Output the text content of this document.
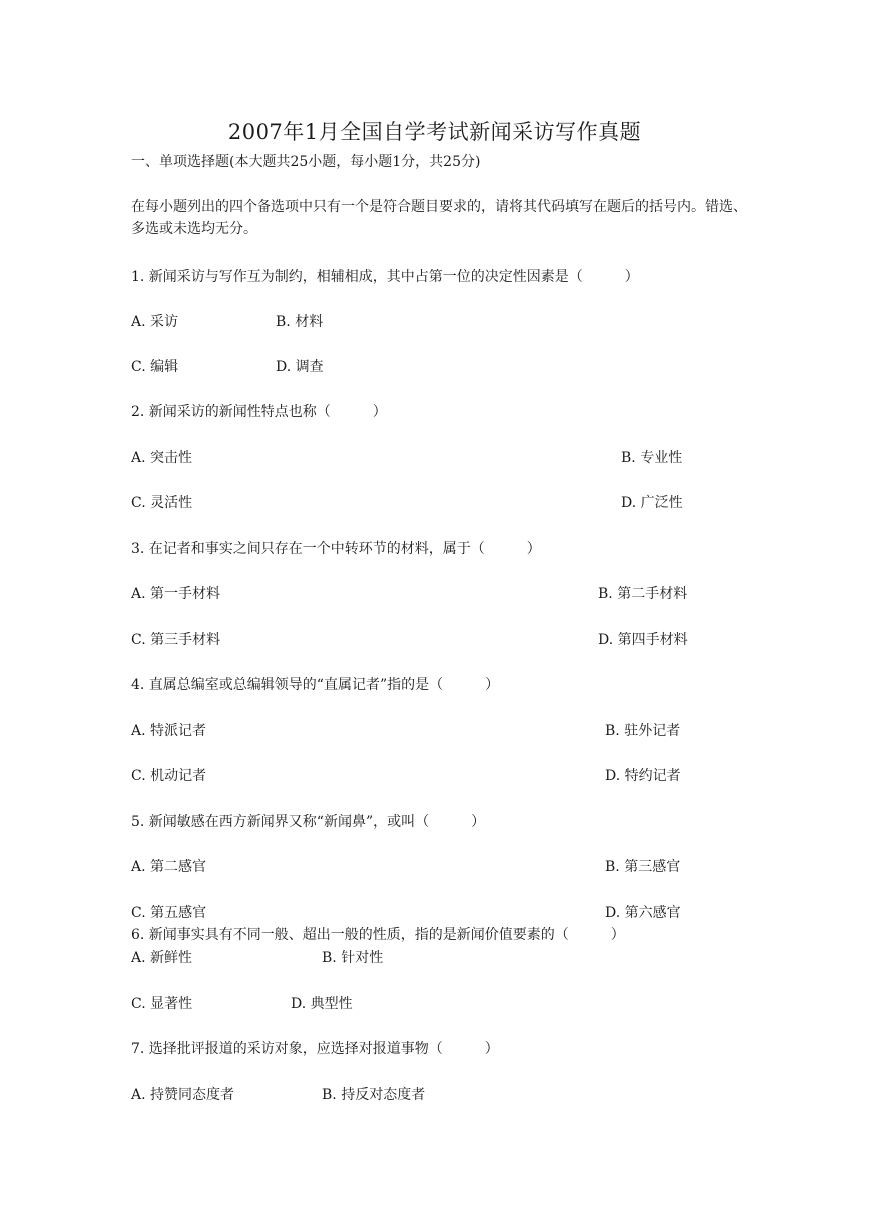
2007年1月全国自学考试新闻采访写作真题
一、单项选择题(本大题共25小题，每小题1分，共25分)
在每小题列出的四个备选项中只有一个是符合题目要求的，请将其代码填写在题后的括号内。错选、多选或未选均无分。
1. 新闻采访与写作互为制约，相辅相成，其中占第一位的决定性因素是（　　　）
A. 采访	B. 材料
C. 编辑	D. 调查
2. 新闻采访的新闻性特点也称（　　　）
A. 突击性	B. 专业性
C. 灵活性	D. 广泛性
3. 在记者和事实之间只存在一个中转环节的材料，属于（　　　）
A. 第一手材料	B. 第二手材料
C. 第三手材料	D. 第四手材料
4. 直属总编室或总编辑领导的“直属记者”指的是（　　　）
A. 特派记者	B. 驻外记者
C. 机动记者	D. 特约记者
5. 新闻敏感在西方新闻界又称“新闻鼻”，或叫（　　　）
A. 第二感官	B. 第三感官
C. 第五感官	D. 第六感官
6. 新闻事实具有不同一般、超出一般的性质，指的是新闻价值要素的（　　　）
A. 新鲜性	B. 针对性
C. 显著性	D. 典型性
7. 选择批评报道的采访对象，应选择对报道事物（　　　）
A. 持赞同态度者	B. 持反对态度者
